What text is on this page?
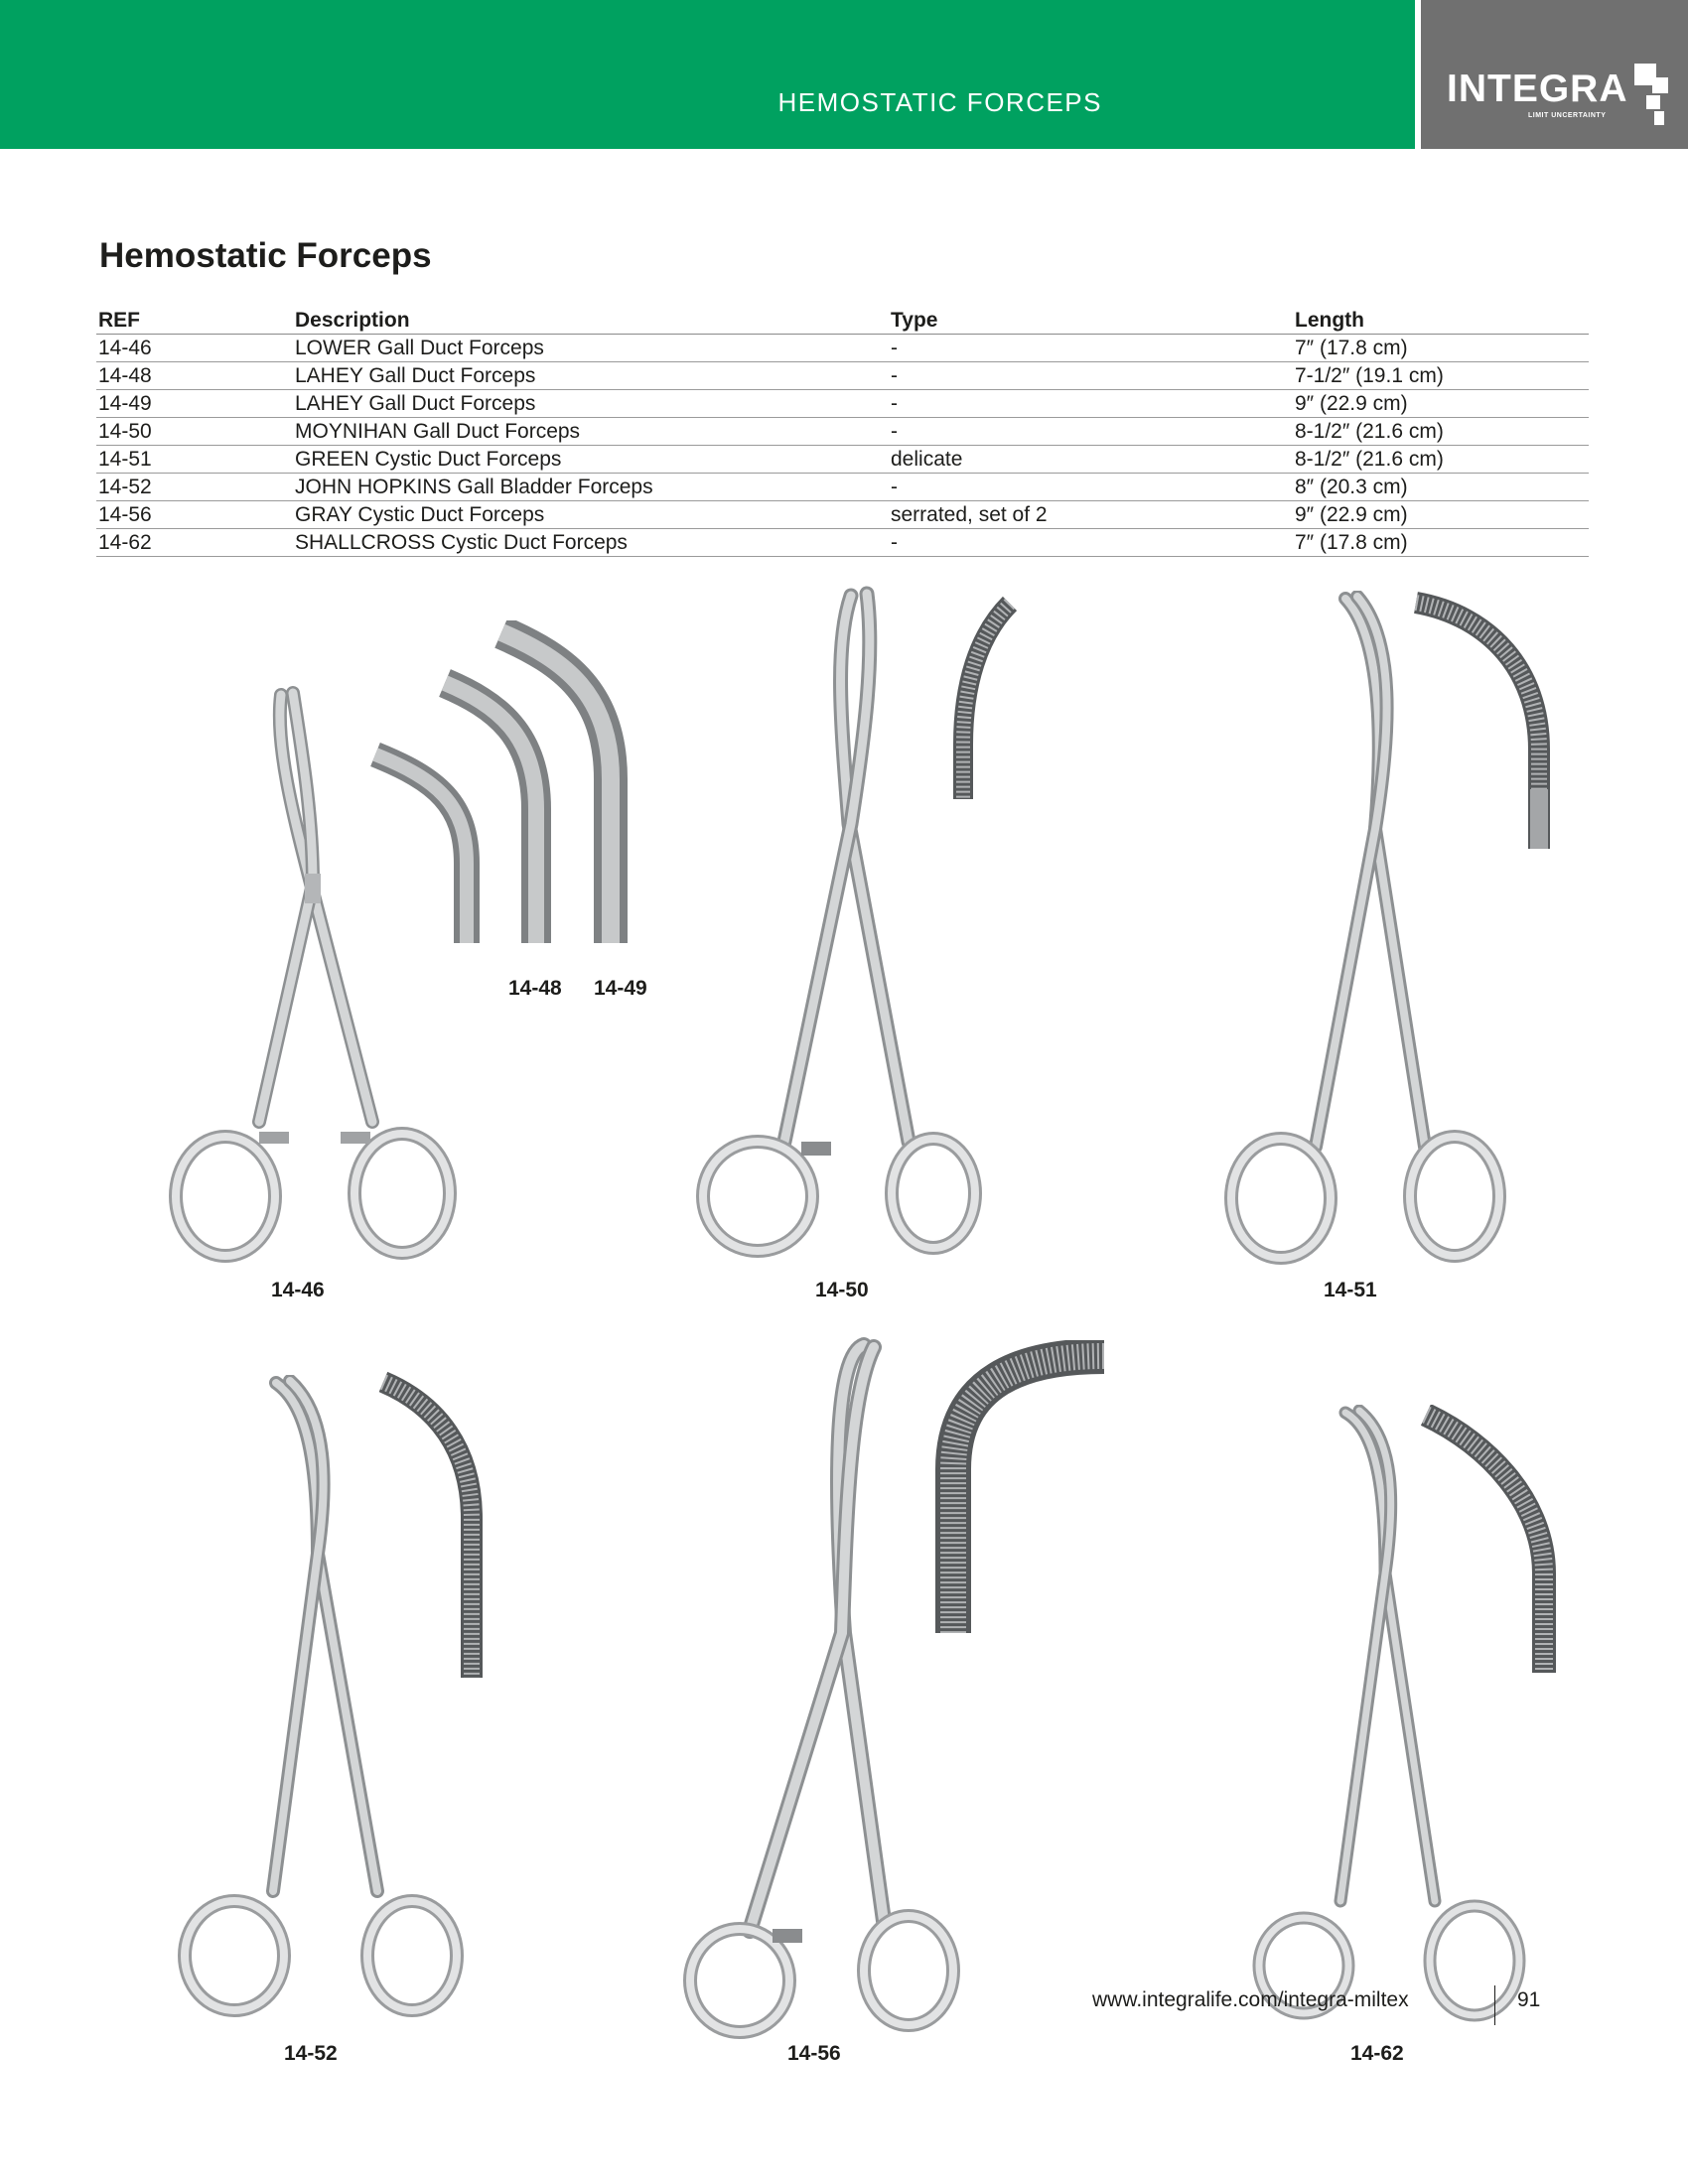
HEMOSTATIC FORCEPS	INTEGRA
LIMIT UNCERTAINTY
Hemostatic Forceps
REF	Description	Type	Length
14-46	LOWER Gall Duct Forceps	-	7″ (17.8 cm)
14-48	LAHEY Gall Duct Forceps	-	7-1/2″ (19.1 cm)
14-49	LAHEY Gall Duct Forceps	-	9″ (22.9 cm)
14-50	MOYNIHAN Gall Duct Forceps	-	8-1/2″ (21.6 cm)
14-51	GREEN Cystic Duct Forceps	delicate	8-1/2″ (21.6 cm)
14-52	JOHN HOPKINS Gall Bladder Forceps	-	8″ (20.3 cm)
14-56	GRAY Cystic Duct Forceps	serrated, set of 2	9″ (22.9 cm)
14-62	SHALLCROSS Cystic Duct Forceps	-	7″ (17.8 cm)
14-48 14-49
14-46	14-50	14-51
14-52	14-56	14-62
www.integralife.com/integra-miltex	91
